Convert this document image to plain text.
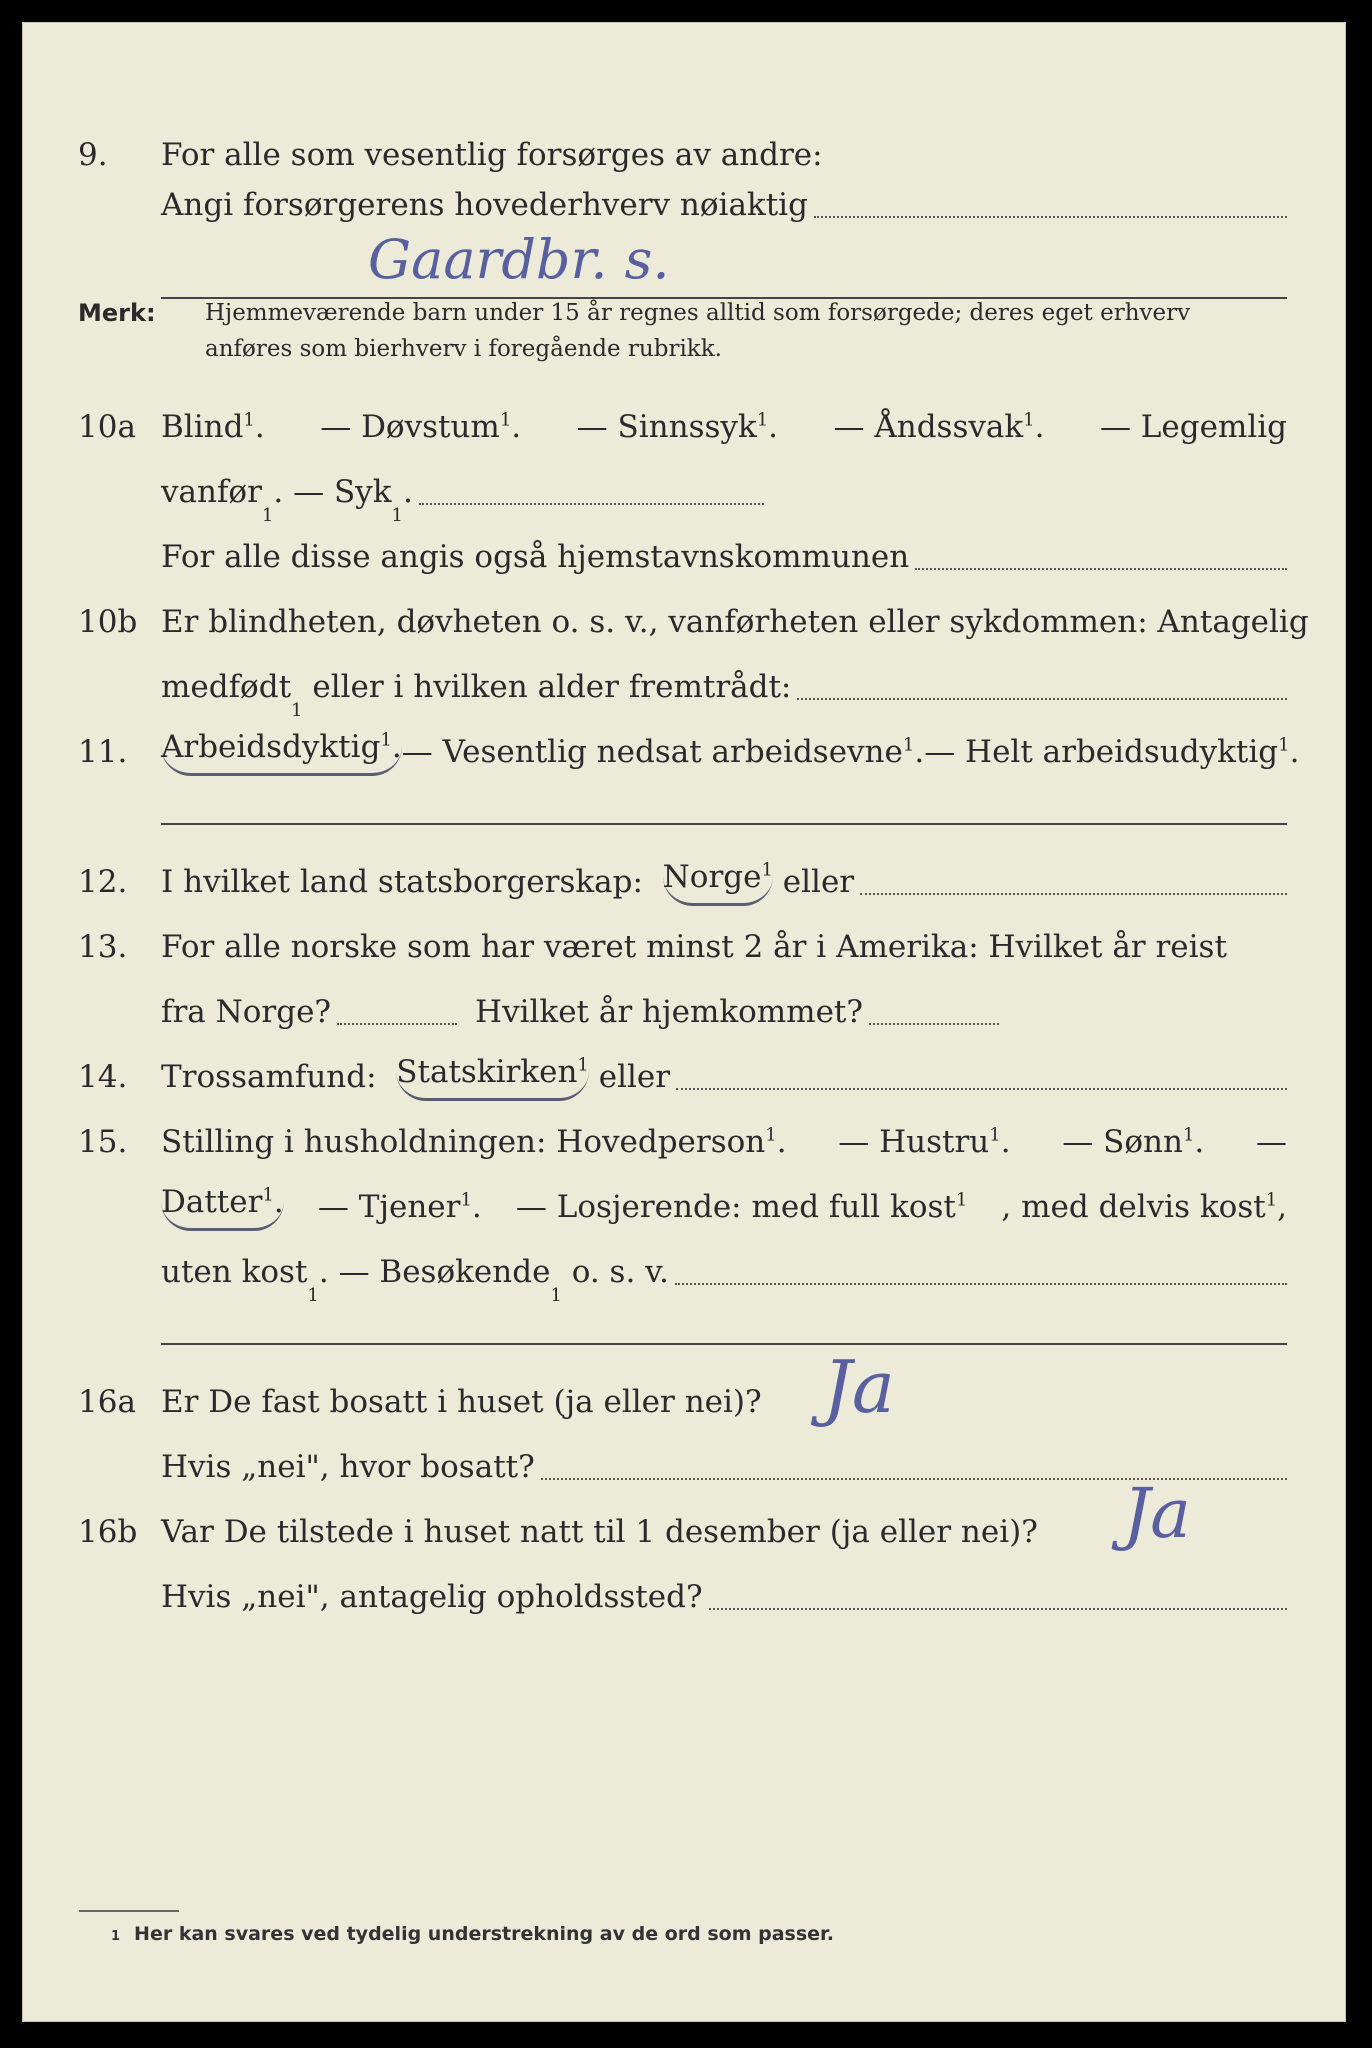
9. For alle som vesentlig forsørges av andre:
Angi forsørgerens hovederhverv nøiaktig
Gaardbr. s.
Merk: Hjemmeværende barn under 15 år regnes alltid som forsørgede; deres eget erhverv
anføres som bierhverv i foregående rubrikk.
10a Blind$^1$. — Døvstum$^1$. — Sinnssyk$^1$. — Åndssvak$^1$. — Legemlig
vanfør
1
. — Syk
1
.
For alle disse angis også hjemstavnskommunen
10b Er blindheten, døvheten o. s. v., vanførheten eller sykdommen: Antagelig
medfødt
1

eller i hvilken alder fremtrådt:
11. Arbeidsdyktig$^1$. — Vesentlig nedsat arbeidsevne$^1$. — Helt arbeidsudyktig$^1$.
12. I hvilket land statsborgerskap:
Norge$^1$
eller
13. For alle norske som har været minst 2 år i Amerika: Hvilket år reist
fra Norge?	Hvilket år hjemkommet?
14. Trossamfund:
Statskirken$^1$
eller
15. Stilling i husholdningen: Hovedperson$^1$. — Hustru$^1$. — Sønn$^1$. —
Datter$^1$. — Tjener$^1$. — Losjerende: med full kost$^1$ , med delvis kost$^1$,
uten kost
1
. — Besøkende
1

o. s. v.
16a Er De fast bosatt i huset (ja eller nei)? Ja
Hvis „nei", hvor bosatt?
16b Var De tilstede i huset natt til 1 desember (ja eller nei)? Ja
Hvis „nei", antagelig opholdssted?
1 Her kan svares ved tydelig understrekning av de ord som passer.
